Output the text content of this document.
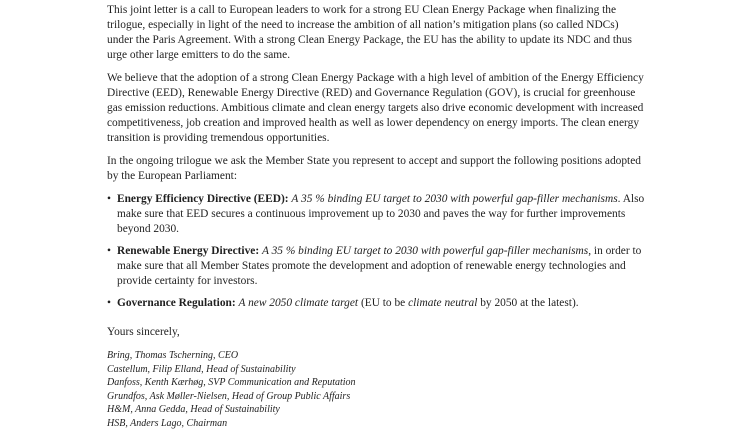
This joint letter is a call to European leaders to work for a strong EU Clean Energy Package when finalizing the trilogue, especially in light of the need to increase the ambition of all nation’s mitigation plans (so called NDCs) under the Paris Agreement. With a strong Clean Energy Package, the EU has the ability to update its NDC and thus urge other large emitters to do the same.

We believe that the adoption of a strong Clean Energy Package with a high level of ambition of the Energy Efficiency Directive (EED), Renewable Energy Directive (RED) and Governance Regulation (GOV), is crucial for greenhouse gas emission reductions. Ambitious climate and clean energy targets also drive economic development with increased competitiveness, job creation and improved health as well as lower dependency on energy imports. The clean energy transition is providing tremendous opportunities.

In the ongoing trilogue we ask the Member State you represent to accept and support the following positions adopted by the European Parliament:

• Energy Efficiency Directive (EED): A 35 % binding EU target to 2030 with powerful gap-filler mechanisms. Also make sure that EED secures a continuous improvement up to 2030 and paves the way for further improvements beyond 2030.
• Renewable Energy Directive: A 35 % binding EU target to 2030 with powerful gap-filler mechanisms, in order to make sure that all Member States promote the development and adoption of renewable energy technologies and provide certainty for investors.
• Governance Regulation: A new 2050 climate target (EU to be climate neutral by 2050 at the latest).

Yours sincerely,

Bring, Thomas Tscherning, CEO
Castellum, Filip Elland, Head of Sustainability
Danfoss, Kenth Kærhøg, SVP Communication and Reputation
Grundfos, Ask Møller-Nielsen, Head of Group Public Affairs
H&M, Anna Gedda, Head of Sustainability
HSB, Anders Lago, Chairman
